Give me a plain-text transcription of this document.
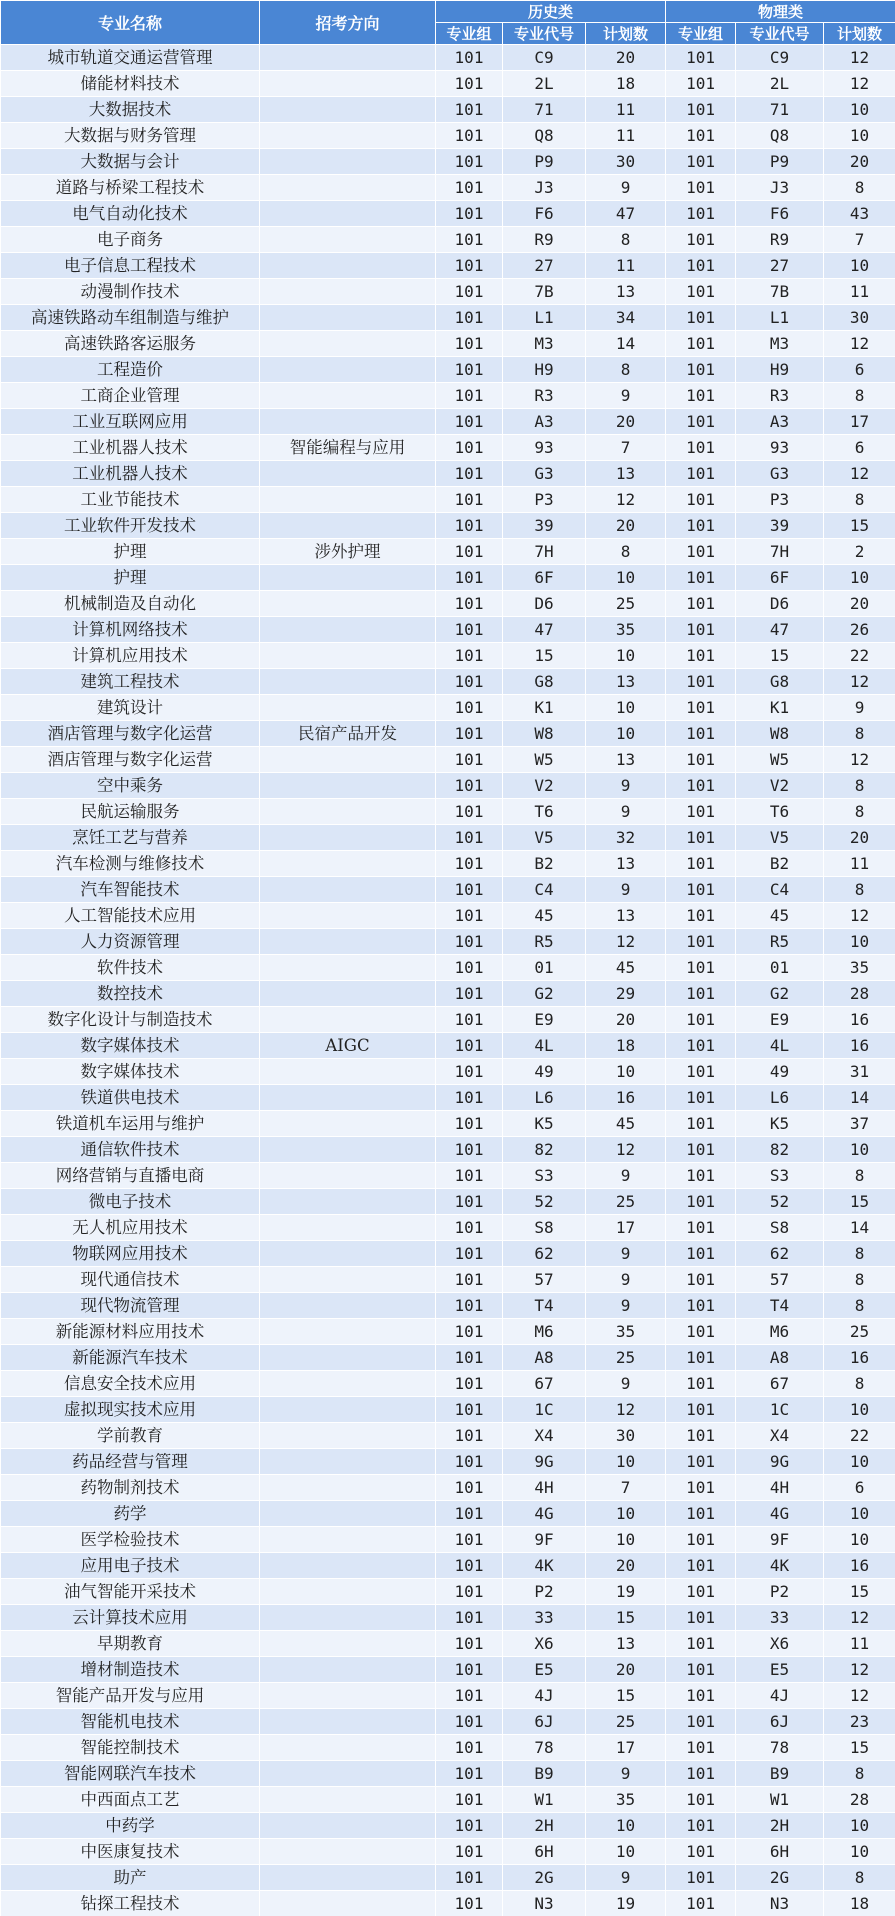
专业名称	招考方向	历史类			物理类		
		专业组	专业代号	计划数	专业组	专业代号	计划数
城市轨道交通运营管理		101	C9	20	101	C9	12
储能材料技术		101	2L	18	101	2L	12
大数据技术		101	71	11	101	71	10
大数据与财务管理		101	Q8	11	101	Q8	10
大数据与会计		101	P9	30	101	P9	20
道路与桥梁工程技术		101	J3	9	101	J3	8
电气自动化技术		101	F6	47	101	F6	43
电子商务		101	R9	8	101	R9	7
电子信息工程技术		101	27	11	101	27	10
动漫制作技术		101	7B	13	101	7B	11
高速铁路动车组制造与维护		101	L1	34	101	L1	30
高速铁路客运服务		101	M3	14	101	M3	12
工程造价		101	H9	8	101	H9	6
工商企业管理		101	R3	9	101	R3	8
工业互联网应用		101	A3	20	101	A3	17
工业机器人技术	智能编程与应用	101	93	7	101	93	6
工业机器人技术		101	G3	13	101	G3	12
工业节能技术		101	P3	12	101	P3	8
工业软件开发技术		101	39	20	101	39	15
护理	涉外护理	101	7H	8	101	7H	2
护理		101	6F	10	101	6F	10
机械制造及自动化		101	D6	25	101	D6	20
计算机网络技术		101	47	35	101	47	26
计算机应用技术		101	15	10	101	15	22
建筑工程技术		101	G8	13	101	G8	12
建筑设计		101	K1	10	101	K1	9
酒店管理与数字化运营	民宿产品开发	101	W8	10	101	W8	8
酒店管理与数字化运营		101	W5	13	101	W5	12
空中乘务		101	V2	9	101	V2	8
民航运输服务		101	T6	9	101	T6	8
烹饪工艺与营养		101	V5	32	101	V5	20
汽车检测与维修技术		101	B2	13	101	B2	11
汽车智能技术		101	C4	9	101	C4	8
人工智能技术应用		101	45	13	101	45	12
人力资源管理		101	R5	12	101	R5	10
软件技术		101	01	45	101	01	35
数控技术		101	G2	29	101	G2	28
数字化设计与制造技术		101	E9	20	101	E9	16
数字媒体技术	AIGC	101	4L	18	101	4L	16
数字媒体技术		101	49	10	101	49	31
铁道供电技术		101	L6	16	101	L6	14
铁道机车运用与维护		101	K5	45	101	K5	37
通信软件技术		101	82	12	101	82	10
网络营销与直播电商		101	S3	9	101	S3	8
微电子技术		101	52	25	101	52	15
无人机应用技术		101	S8	17	101	S8	14
物联网应用技术		101	62	9	101	62	8
现代通信技术		101	57	9	101	57	8
现代物流管理		101	T4	9	101	T4	8
新能源材料应用技术		101	M6	35	101	M6	25
新能源汽车技术		101	A8	25	101	A8	16
信息安全技术应用		101	67	9	101	67	8
虚拟现实技术应用		101	1C	12	101	1C	10
学前教育		101	X4	30	101	X4	22
药品经营与管理		101	9G	10	101	9G	10
药物制剂技术		101	4H	7	101	4H	6
药学		101	4G	10	101	4G	10
医学检验技术		101	9F	10	101	9F	10
应用电子技术		101	4K	20	101	4K	16
油气智能开采技术		101	P2	19	101	P2	15
云计算技术应用		101	33	15	101	33	12
早期教育		101	X6	13	101	X6	11
增材制造技术		101	E5	20	101	E5	12
智能产品开发与应用		101	4J	15	101	4J	12
智能机电技术		101	6J	25	101	6J	23
智能控制技术		101	78	17	101	78	15
智能网联汽车技术		101	B9	9	101	B9	8
中西面点工艺		101	W1	35	101	W1	28
中药学		101	2H	10	101	2H	10
中医康复技术		101	6H	10	101	6H	10
助产		101	2G	9	101	2G	8
钻探工程技术		101	N3	19	101	N3	18
